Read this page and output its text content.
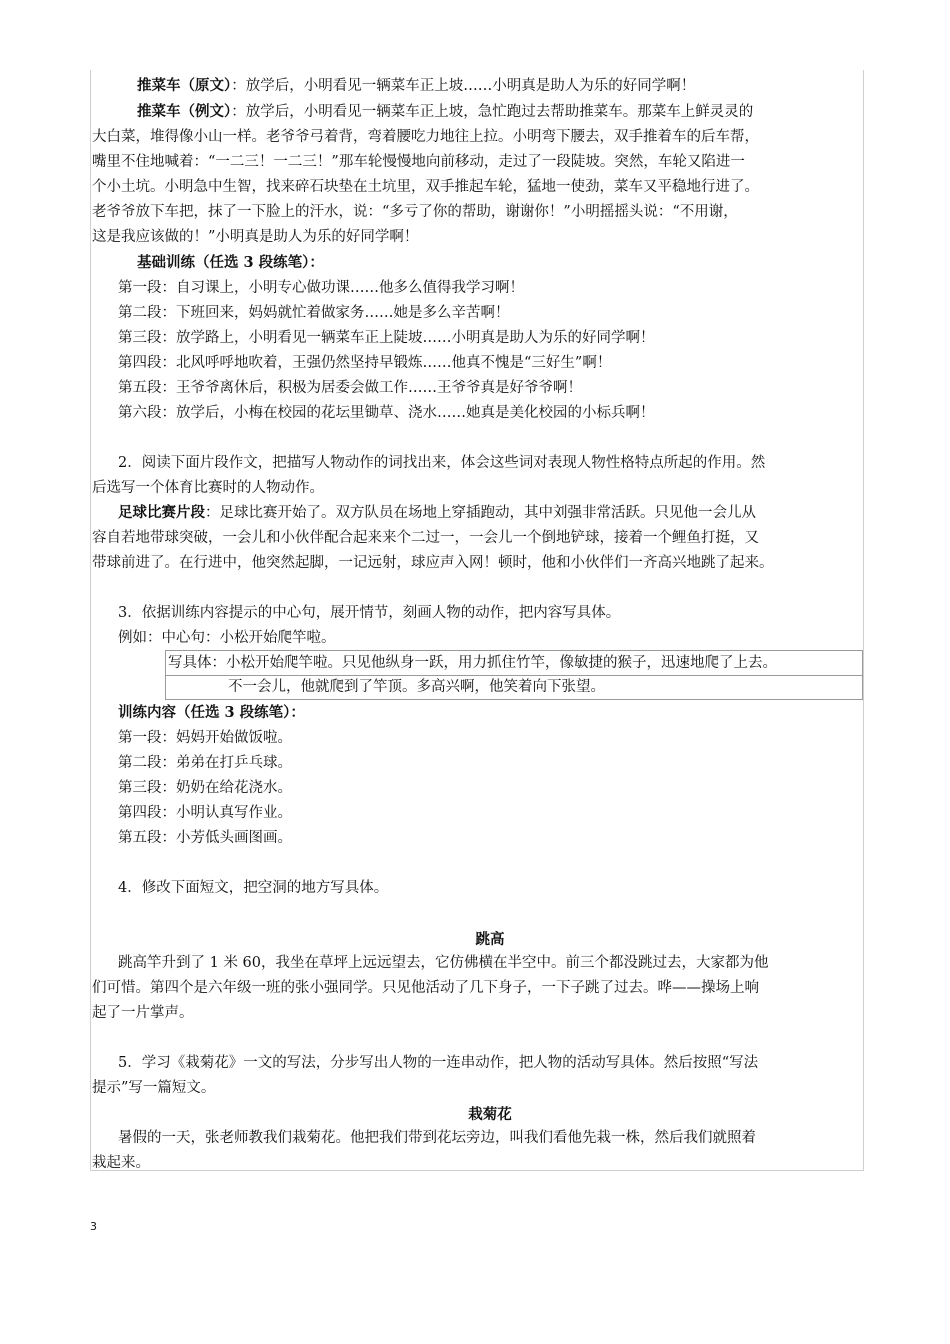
推菜车（原文）：放学后，小明看见一辆菜车正上坡……小明真是助人为乐的好同学啊！
推菜车（例文）：放学后，小明看见一辆菜车正上坡，急忙跑过去帮助推菜车。那菜车上鲜灵灵的
大白菜，堆得像小山一样。老爷爷弓着背，弯着腰吃力地往上拉。小明弯下腰去，双手推着车的后车帮，
嘴里不住地喊着：“一二三！一二三！”那车轮慢慢地向前移动，走过了一段陡坡。突然，车轮又陷进一
个小土坑。小明急中生智，找来碎石块垫在土坑里，双手推起车轮，猛地一使劲，菜车又平稳地行进了。
老爷爷放下车把，抹了一下脸上的汗水，说：“多亏了你的帮助，谢谢你！”小明摇摇头说：“不用谢，
这是我应该做的！”小明真是助人为乐的好同学啊！
基础训练（任选 3 段练笔）：
第一段：自习课上，小明专心做功课……他多么值得我学习啊！
第二段：下班回来，妈妈就忙着做家务……她是多么辛苦啊！
第三段：放学路上，小明看见一辆菜车正上陡坡……小明真是助人为乐的好同学啊！
第四段：北风呼呼地吹着，王强仍然坚持早锻炼……他真不愧是“三好生”啊！
第五段：王爷爷离休后，积极为居委会做工作……王爷爷真是好爷爷啊！
第六段：放学后，小梅在校园的花坛里锄草、浇水……她真是美化校园的小标兵啊！
2．阅读下面片段作文，把描写人物动作的词找出来，体会这些词对表现人物性格特点所起的作用。然
后选写一个体育比赛时的人物动作。
足球比赛片段：足球比赛开始了。双方队员在场地上穿插跑动，其中刘强非常活跃。只见他一会儿从
容自若地带球突破，一会儿和小伙伴配合起来来个二过一，一会儿一个倒地铲球，接着一个鲤鱼打挺，又
带球前进了。在行进中，他突然起脚，一记远射，球应声入网！顿时，他和小伙伴们一齐高兴地跳了起来。
3．依据训练内容提示的中心句，展开情节，刻画人物的动作，把内容写具体。
例如：中心句：小松开始爬竿啦。
写具体：小松开始爬竿啦。只见他纵身一跃，用力抓住竹竿，像敏捷的猴子，迅速地爬了上去。
不一会儿，他就爬到了竿顶。多高兴啊，他笑着向下张望。
训练内容（任选 3 段练笔）：
第一段：妈妈开始做饭啦。
第二段：弟弟在打乒乓球。
第三段：奶奶在给花浇水。
第四段：小明认真写作业。
第五段：小芳低头画图画。
4．修改下面短文，把空洞的地方写具体。
跳高
跳高竿升到了 1 米 60，我坐在草坪上远远望去，它仿佛横在半空中。前三个都没跳过去，大家都为他
们可惜。第四个是六年级一班的张小强同学。只见他活动了几下身子，一下子跳了过去。哗——操场上响
起了一片掌声。
5．学习《栽菊花》一文的写法，分步写出人物的一连串动作，把人物的活动写具体。然后按照“写法
提示”写一篇短文。
栽菊花
暑假的一天，张老师教我们栽菊花。他把我们带到花坛旁边，叫我们看他先栽一株，然后我们就照着
栽起来。
3
